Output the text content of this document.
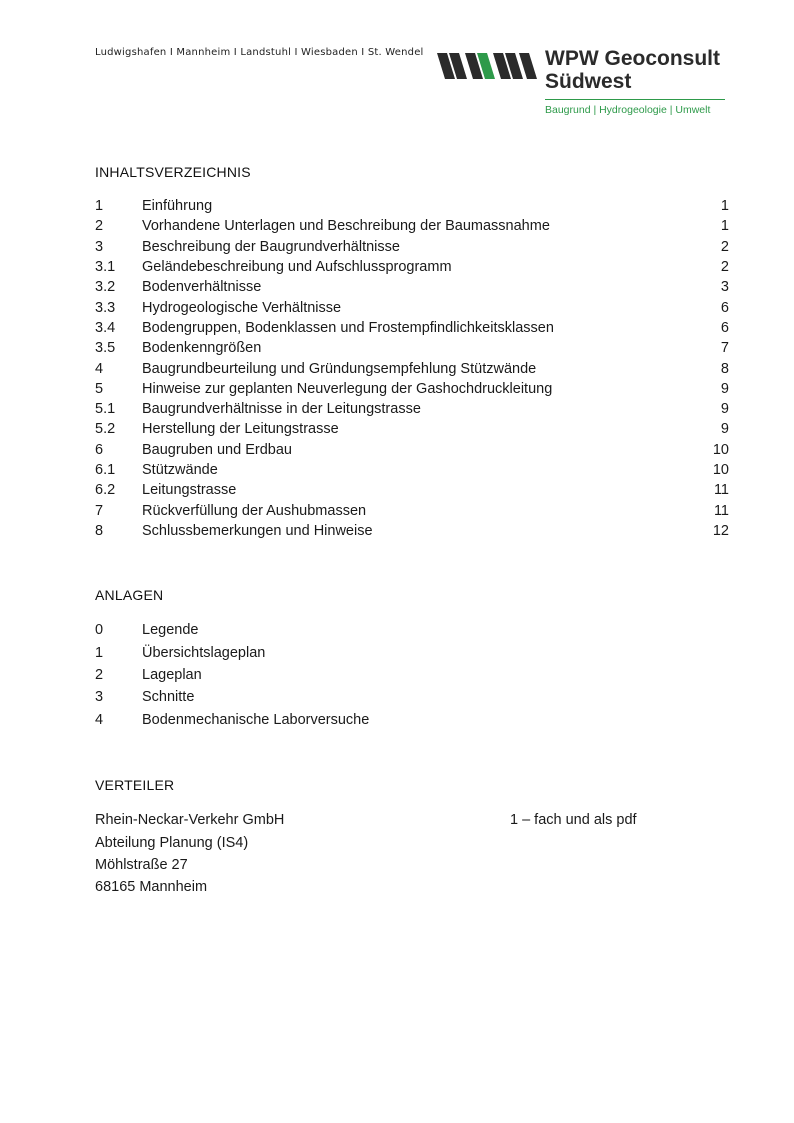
Ludwigshafen I Mannheim I Landstuhl I Wiesbaden I St. Wendel	WPW Geoconsult
Südwest
Baugrund | Hydrogeologie | Umwelt
INHALTSVERZEICHNIS
1	Einführung	1
2	Vorhandene Unterlagen und Beschreibung der Baumassnahme	1
3	Beschreibung der Baugrundverhältnisse	2
3.1	Geländebeschreibung und Aufschlussprogramm	2
3.2	Bodenverhältnisse	3
3.3	Hydrogeologische Verhältnisse	6
3.4	Bodengruppen, Bodenklassen und Frostempfindlichkeitsklassen	6
3.5	Bodenkenngrößen	7
4	Baugrundbeurteilung und Gründungsempfehlung Stützwände	8
5	Hinweise zur geplanten Neuverlegung der Gashochdruckleitung	9
5.1	Baugrundverhältnisse in der Leitungstrasse	9
5.2	Herstellung der Leitungstrasse	9
6	Baugruben und Erdbau	10
6.1	Stützwände	10
6.2	Leitungstrasse	11
7	Rückverfüllung der Aushubmassen	11
8	Schlussbemerkungen und Hinweise	12
ANLAGEN
0	Legende
1	Übersichtslageplan
2	Lageplan
3	Schnitte
4	Bodenmechanische Laborversuche
VERTEILER
Rhein-Neckar-Verkehr GmbH
Abteilung Planung (IS4)
Möhlstraße 27
68165 Mannheim
1 – fach und als pdf
